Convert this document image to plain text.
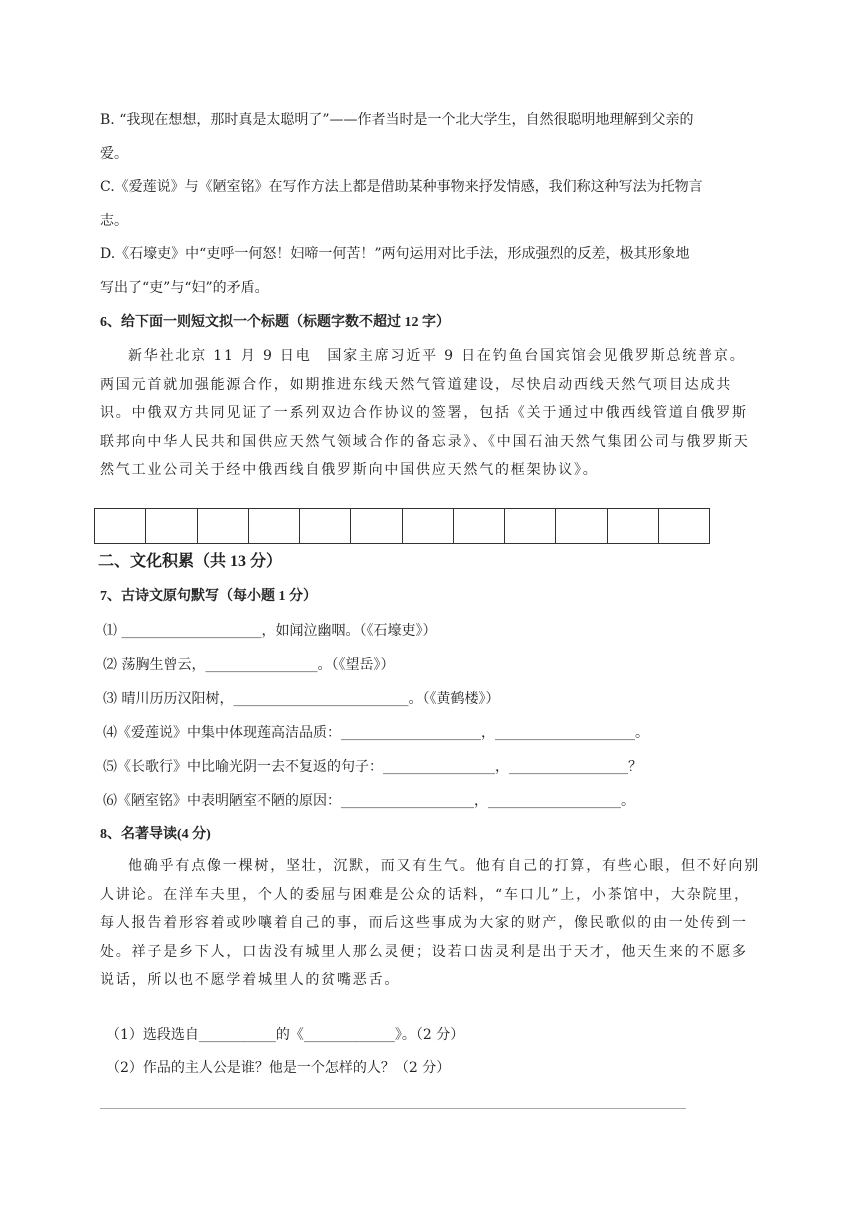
B. “我现在想想，那时真是太聪明了”——作者当时是一个北大学生，自然很聪明地理解到父亲的
爱。
C.《爱莲说》与《陋室铭》在写作方法上都是借助某种事物来抒发情感，我们称这种写法为托物言
志。
D.《石壕吏》中“吏呼一何怒！妇啼一何苦！”两句运用对比手法，形成强烈的反差，极其形象地
写出了“吏”与“妇”的矛盾。
6、给下面一则短文拟一个标题（标题字数不超过 12 字）

新华社北京 11 月 9 日电　国家主席习近平 9 日在钓鱼台国宾馆会见俄罗斯总统普京。两国元首就加强能源合作，如期推进东线天然气管道建设，尽快启动西线天然气项目达成共识。中俄双方共同见证了一系列双边合作协议的签署，包括《关于通过中俄西线管道自俄罗斯联邦向中华人民共和国供应天然气领域合作的备忘录》、《中国石油天然气集团公司与俄罗斯天然气工业公司关于经中俄西线自俄罗斯向中国供应天然气的框架协议》。

二、文化积累（共 13 分）
7、古诗文原句默写（每小题 1 分）
⑴ ____________________，如闻泣幽咽。（《石壕吏》）
⑵ 荡胸生曾云，________________。（《望岳》）
⑶ 晴川历历汉阳树，_________________________。（《黄鹤楼》）
⑷《爱莲说》中集中体现莲高洁品质：____________________，____________________。
⑸《长歌行》中比喻光阴一去不复返的句子：________________，_________________？
⑹《陋室铭》中表明陋室不陋的原因：___________________，___________________。
8、名著导读(4 分)

他确乎有点像一棵树，坚壮，沉默，而又有生气。他有自己的打算，有些心眼，但不好向别人讲论。在洋车夫里，个人的委屈与困难是公众的话料，“车口儿”上，小茶馆中，大杂院里，每人报告着形容着或吵嚷着自己的事，而后这些事成为大家的财产，像民歌似的由一处传到一处。祥子是乡下人，口齿没有城里人那么灵便；设若口齿灵利是出于天才，他天生来的不愿多说话，所以也不愿学着城里人的贫嘴恶舌。

（1）选段选自___________的《_____________》。（2 分）
（2）作品的主人公是谁？他是一个怎样的人？（2 分）
